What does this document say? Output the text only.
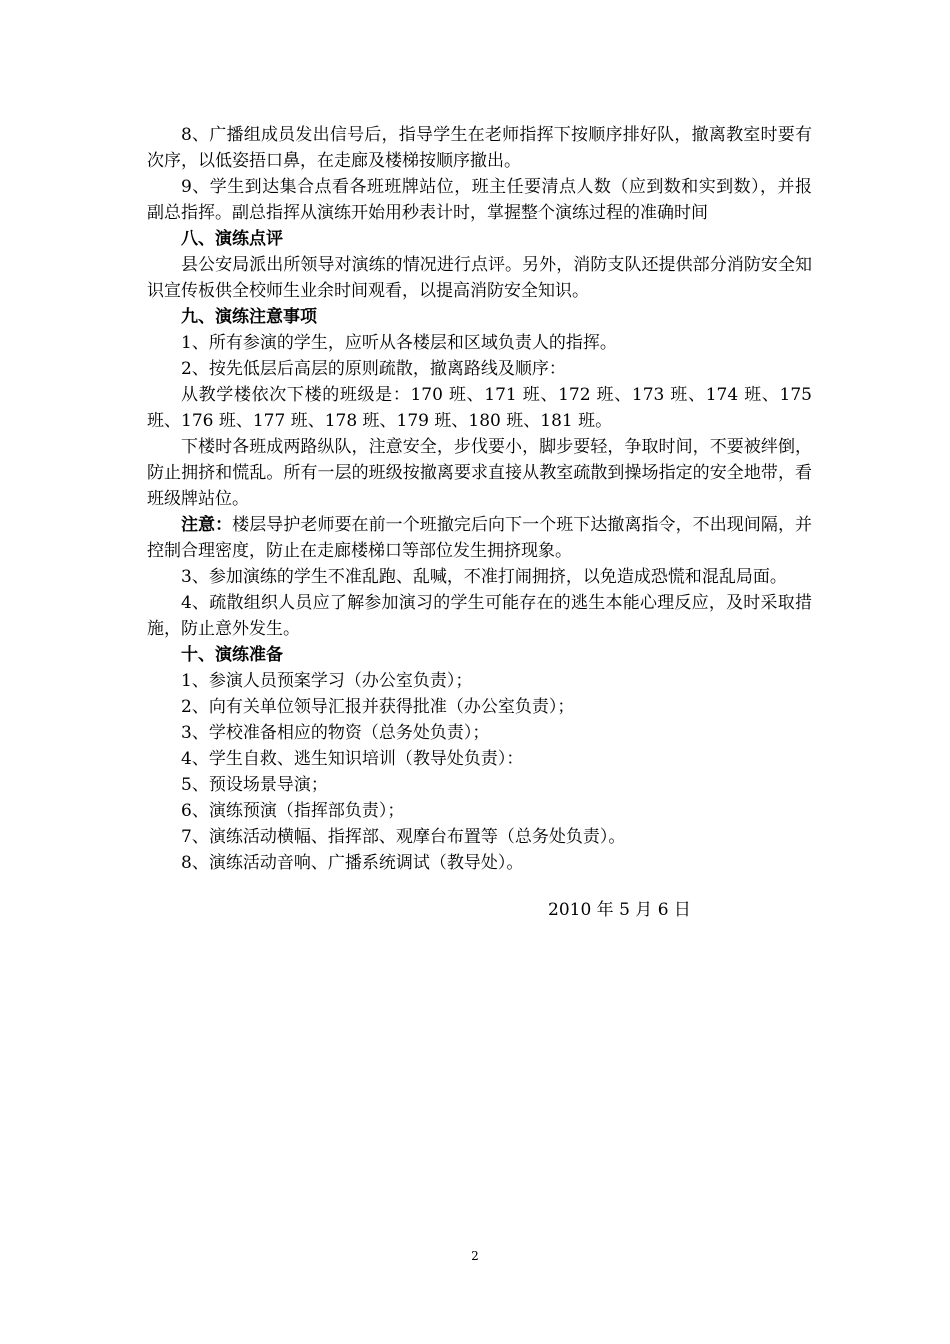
8、广播组成员发出信号后，指导学生在老师指挥下按顺序排好队，撤离教室时要有次序，以低姿捂口鼻，在走廊及楼梯按顺序撤出。

9、学生到达集合点看各班班牌站位，班主任要清点人数（应到数和实到数），并报副总指挥。副总指挥从演练开始用秒表计时，掌握整个演练过程的准确时间

八、演练点评

县公安局派出所领导对演练的情况进行点评。另外，消防支队还提供部分消防安全知识宣传板供全校师生业余时间观看，以提高消防安全知识。

九、演练注意事项

1、所有参演的学生，应听从各楼层和区域负责人的指挥。

2、按先低层后高层的原则疏散，撤离路线及顺序：

从教学楼依次下楼的班级是：170 班、171 班、172 班、173 班、174 班、175 班、176 班、177 班、178 班、179 班、180 班、181 班。

下楼时各班成两路纵队，注意安全，步伐要小，脚步要轻，争取时间，不要被绊倒，防止拥挤和慌乱。所有一层的班级按撤离要求直接从教室疏散到操场指定的安全地带，看班级牌站位。

注意：楼层导护老师要在前一个班撤完后向下一个班下达撤离指令，不出现间隔，并控制合理密度，防止在走廊楼梯口等部位发生拥挤现象。

3、参加演练的学生不准乱跑、乱喊，不准打闹拥挤，以免造成恐慌和混乱局面。

4、疏散组织人员应了解参加演习的学生可能存在的逃生本能心理反应，及时采取措施，防止意外发生。

十、演练准备

1、参演人员预案学习（办公室负责）；

2、向有关单位领导汇报并获得批准（办公室负责）；

3、学校准备相应的物资（总务处负责）；

4、学生自救、逃生知识培训（教导处负责）：

5、预设场景导演；

6、演练预演（指挥部负责）；

7、演练活动横幅、指挥部、观摩台布置等（总务处负责）。

8、演练活动音响、广播系统调试（教导处）。

2010 年 5 月 6 日
2
